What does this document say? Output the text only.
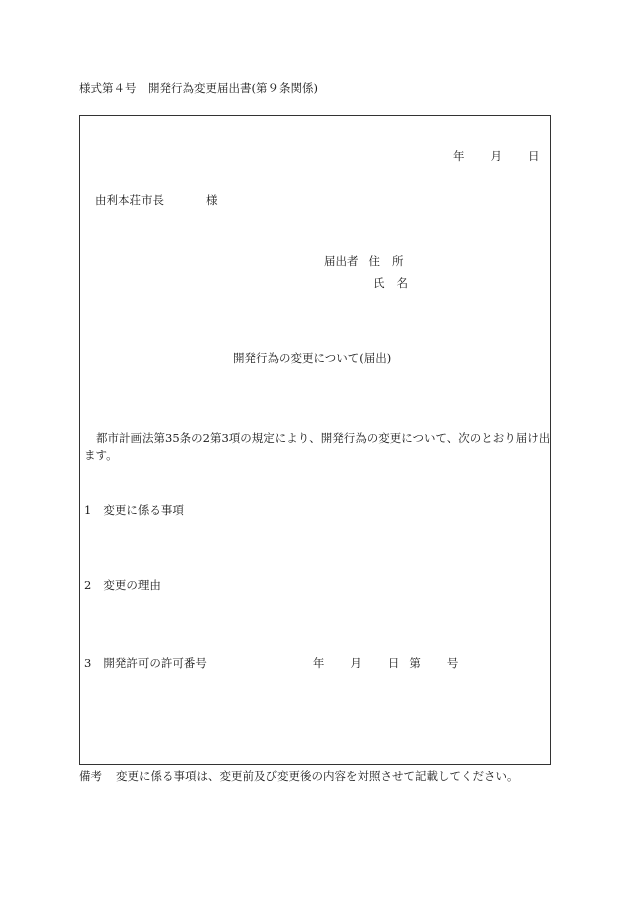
様式第４号　開発行為変更届出書(第９条関係)
年 月 日
由利本荘市長	様
届出者 住 所
氏 名
開発行為の変更について(届出)
都市計画法第35条の2第3項の規定により、開発行為の変更について、次のとおり届け出ます。
1 変更に係る事項
2 変更の理由
3 開発許可の許可番号	年 月 日 第 号
備考 変更に係る事項は、変更前及び変更後の内容を対照させて記載してください。
